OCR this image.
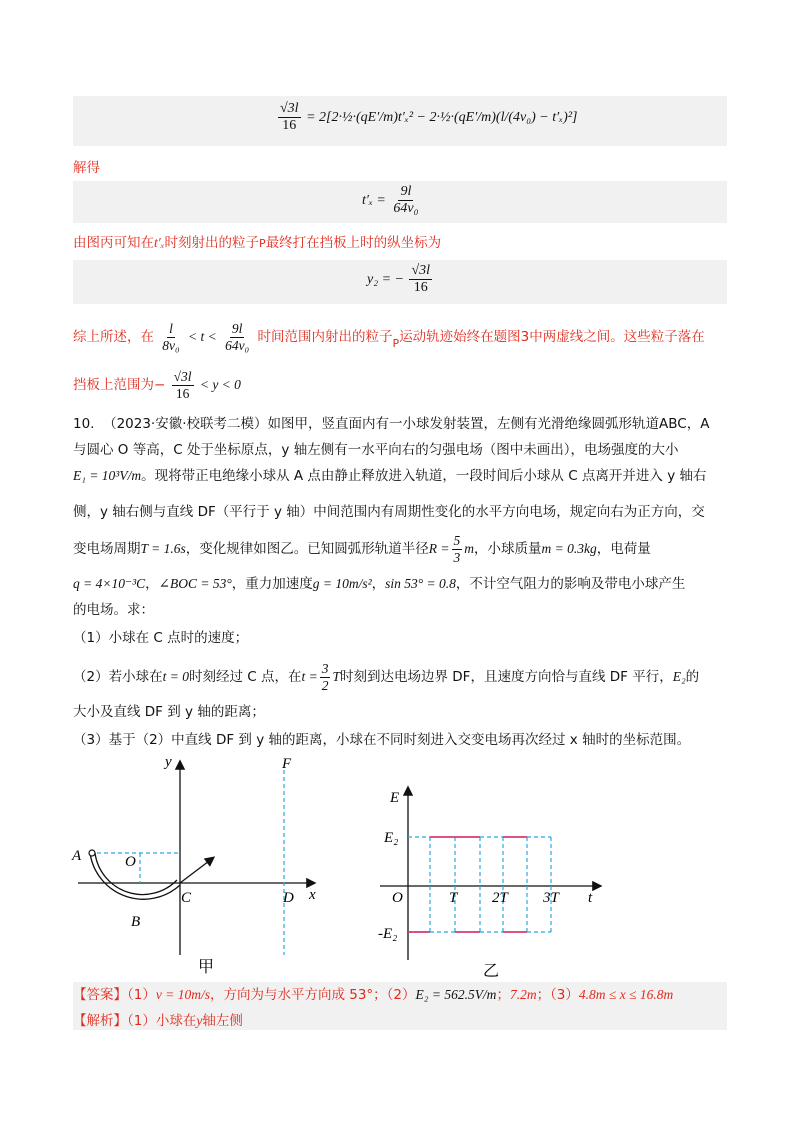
$\frac{√3l}{16}$ = 2[2·½·(qE′/m)t′ₓ² − 2·½·(qE′/m)(l/(4v₀) − t′ₓ)²]
解得
$t'_x = \frac{9l}{\text{64v₀}}$
由图丙可知在t′ₓ时刻射出的粒子P最终打在挡板上时的纵坐标为
y₂ = − $\frac{√3l}{16}$
综上所述，在 $\frac{l}{\text{8v₀}} < t < \frac{9l}{\text{64v₀}}$ 时间范围内射出的粒子$_P$运动轨迹始终在题图3中两虚线之间。这些粒子落在
挡板上范围为− $\frac{√3l}{16} < y < 0$
10. （2023·安徽·校联考二模）如图甲，竖直面内有一小球发射装置，左侧有光滑绝缘圆弧形轨道ABC，A
与圆心 O 等高，C 处于坐标原点，y 轴左侧有一水平向右的匀强电场（图中未画出），电场强度的大小
E₁ = 10³V/m。现将带正电绝缘小球从 A 点由静止释放进入轨道，一段时间后小球从 C 点离开并进入 y 轴右
侧，y 轴右侧与直线 DF（平行于 y 轴）中间范围内有周期性变化的水平方向电场，规定向右为正方向，交
变电场周期T = 1.6s，变化规律如图乙。已知圆弧形轨道半径$R = \frac{5}{3}$ m，小球质量m = 0.3kg，电荷量
q = 4×10⁻³C，∠BOC = 53°，重力加速度g = 10m/s²，sin 53° = 0.8，不计空气阻力的影响及带电小球产生
的电场。求：
（1）小球在 C 点时的速度；
（2）若小球在t = 0时刻经过 C 点，在$t = \frac{3}{2}$ T时刻到达电场边界 DF，且速度方向恰与直线 DF 平行，E₂的
大小及直线 DF 到 y 轴的距离；
（3）基于（2）中直线 DF 到 y 轴的距离，小球在不同时刻进入交变电场再次经过 x 轴时的坐标范围。
y	F
A	O
C	D x
B
甲
E
E₂
O	T 2T 3T t
-E₂
乙
【答案】（1）v = 10m/s，方向为与水平方向成 53°；（2）E₂ = 562.5V/m；7.2m；（3）4.8m ≤ x ≤ 16.8m
【解析】（1）小球在y轴左侧
